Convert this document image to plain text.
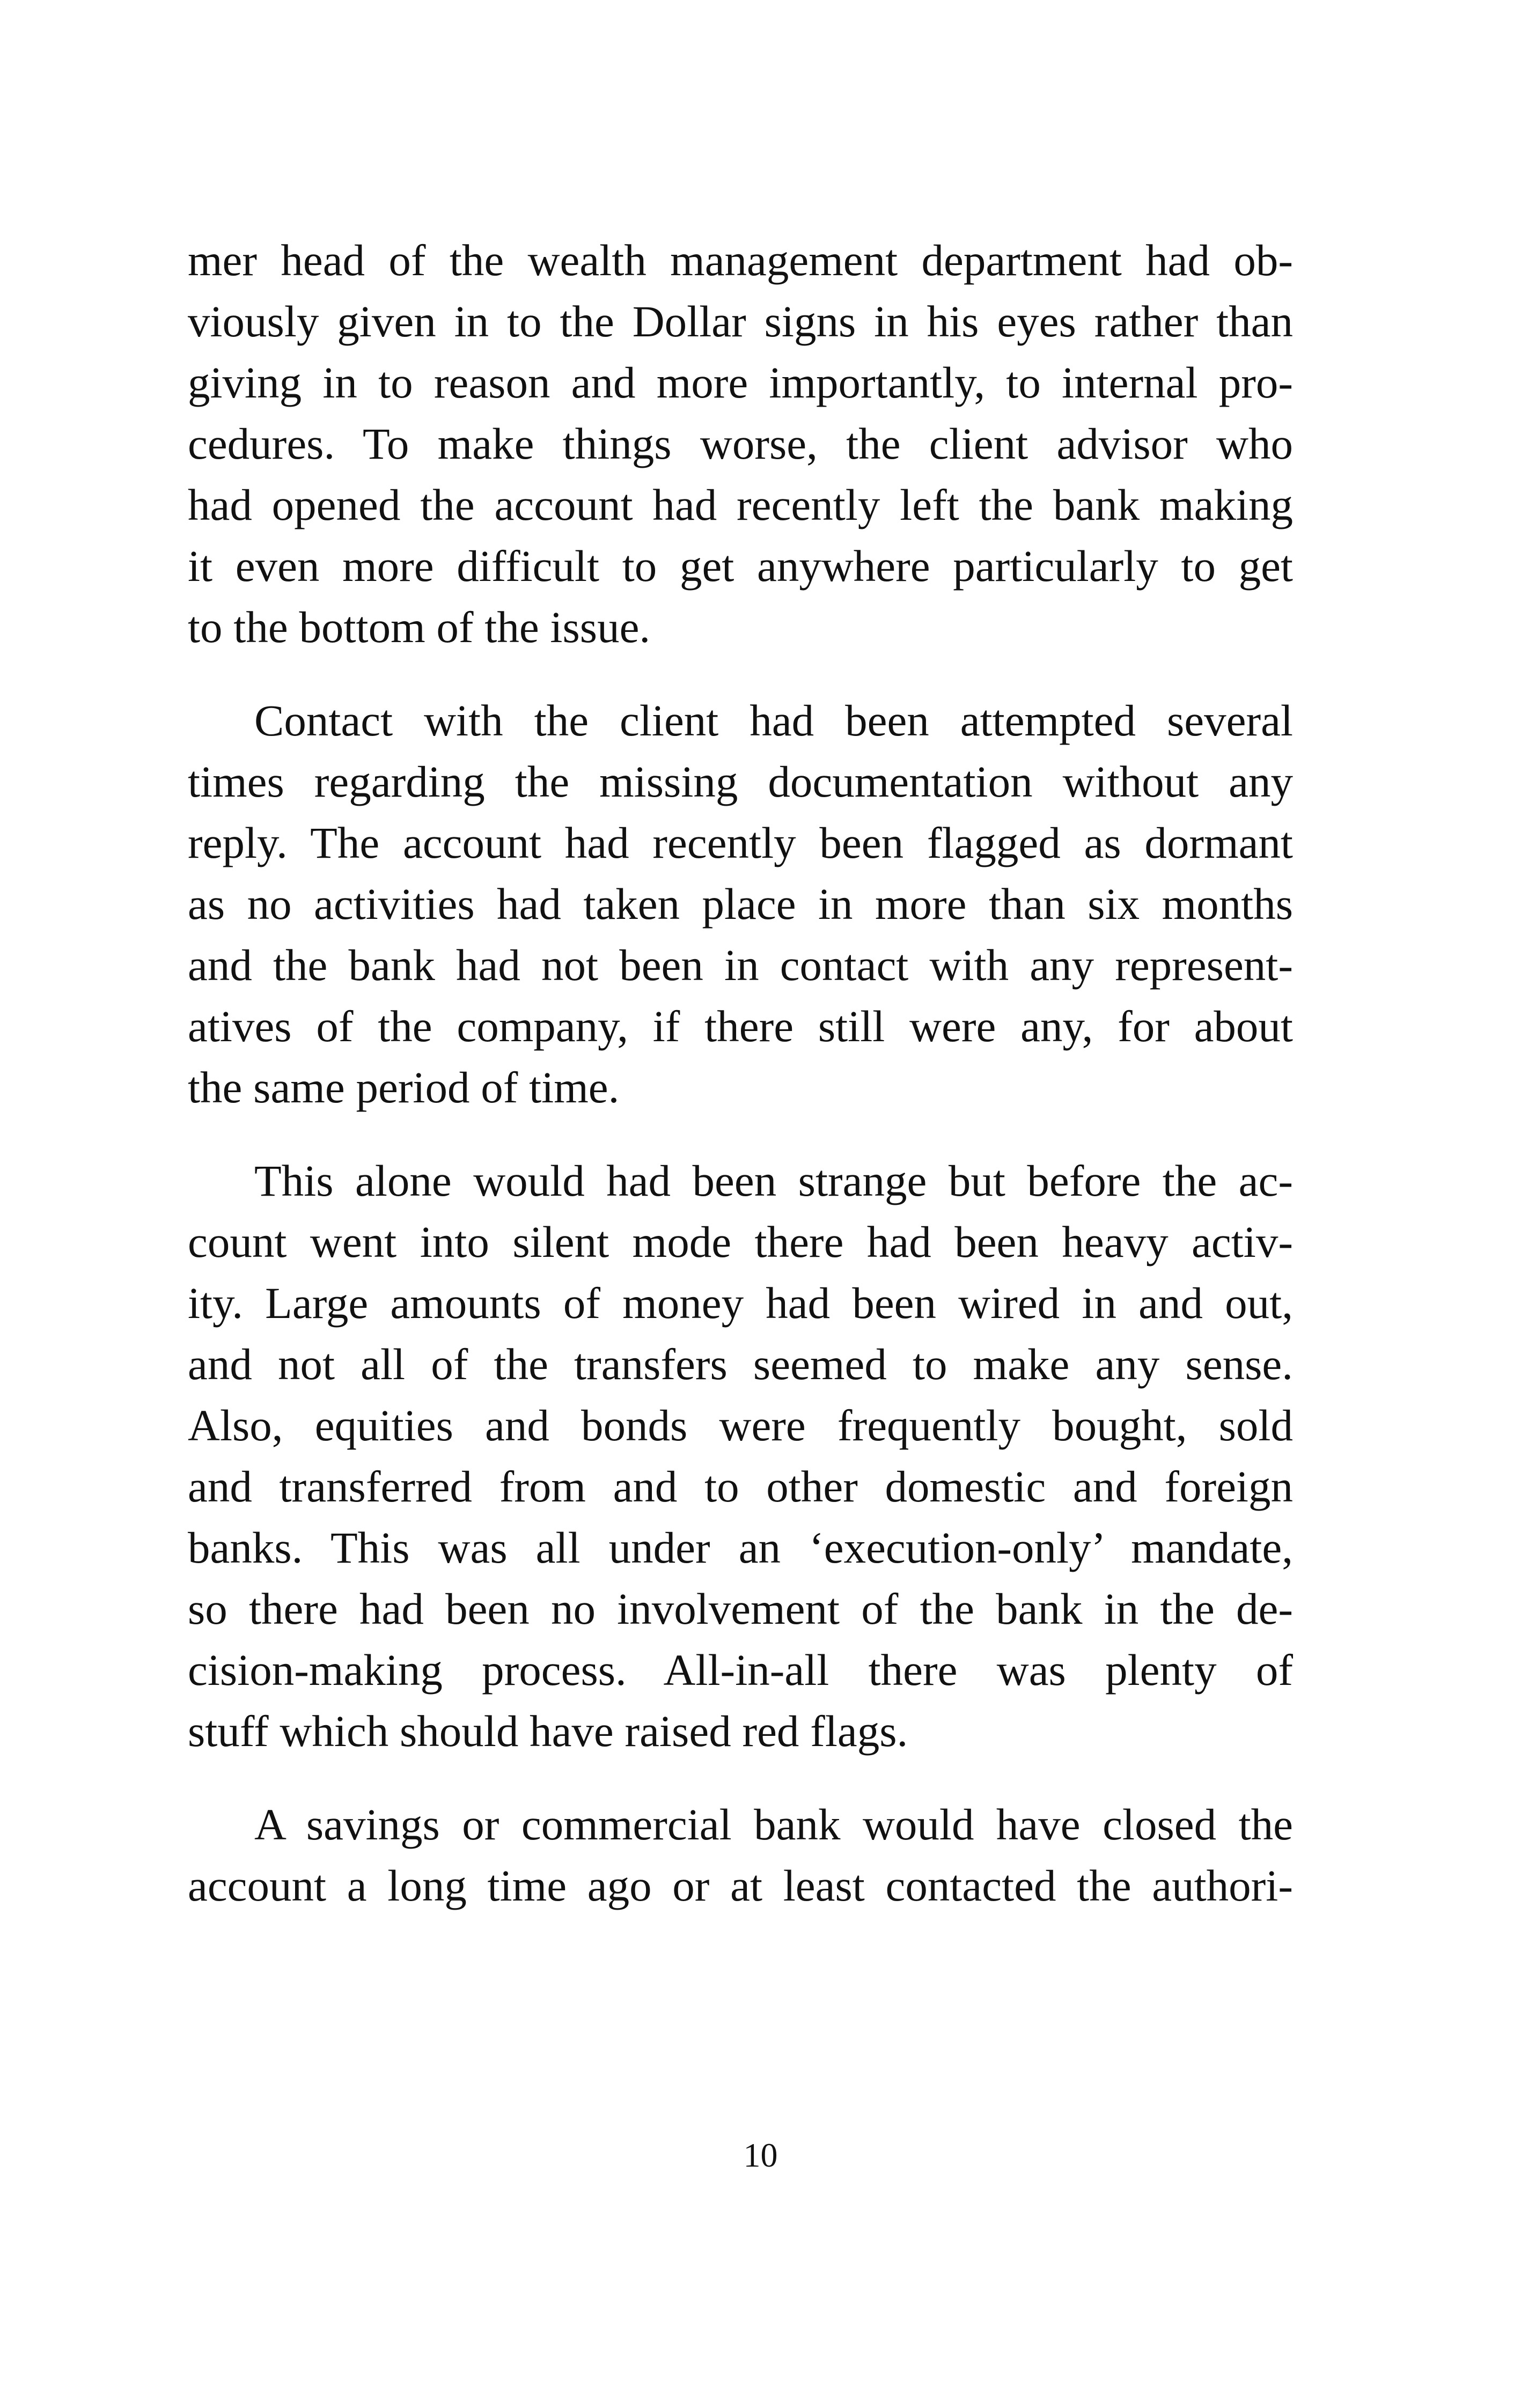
mer head of the wealth management department had ob-
viously given in to the Dollar signs in his eyes rather than
giving in to reason and more importantly, to internal pro-
cedures. To make things worse, the client advisor who
had opened the account had recently left the bank making
it even more difficult to get anywhere particularly to get
to the bottom of the issue.
Contact with the client had been attempted several
times regarding the missing documentation without any
reply. The account had recently been flagged as dormant
as no activities had taken place in more than six months
and the bank had not been in contact with any represent-
atives of the company, if there still were any, for about
the same period of time.
This alone would had been strange but before the ac-
count went into silent mode there had been heavy activ-
ity. Large amounts of money had been wired in and out,
and not all of the transfers seemed to make any sense.
Also, equities and bonds were frequently bought, sold
and transferred from and to other domestic and foreign
banks. This was all under an ‘execution-only’ mandate,
so there had been no involvement of the bank in the de-
cision-making process. All-in-all there was plenty of
stuff which should have raised red flags.
A savings or commercial bank would have closed the
account a long time ago or at least contacted the authori-
10
